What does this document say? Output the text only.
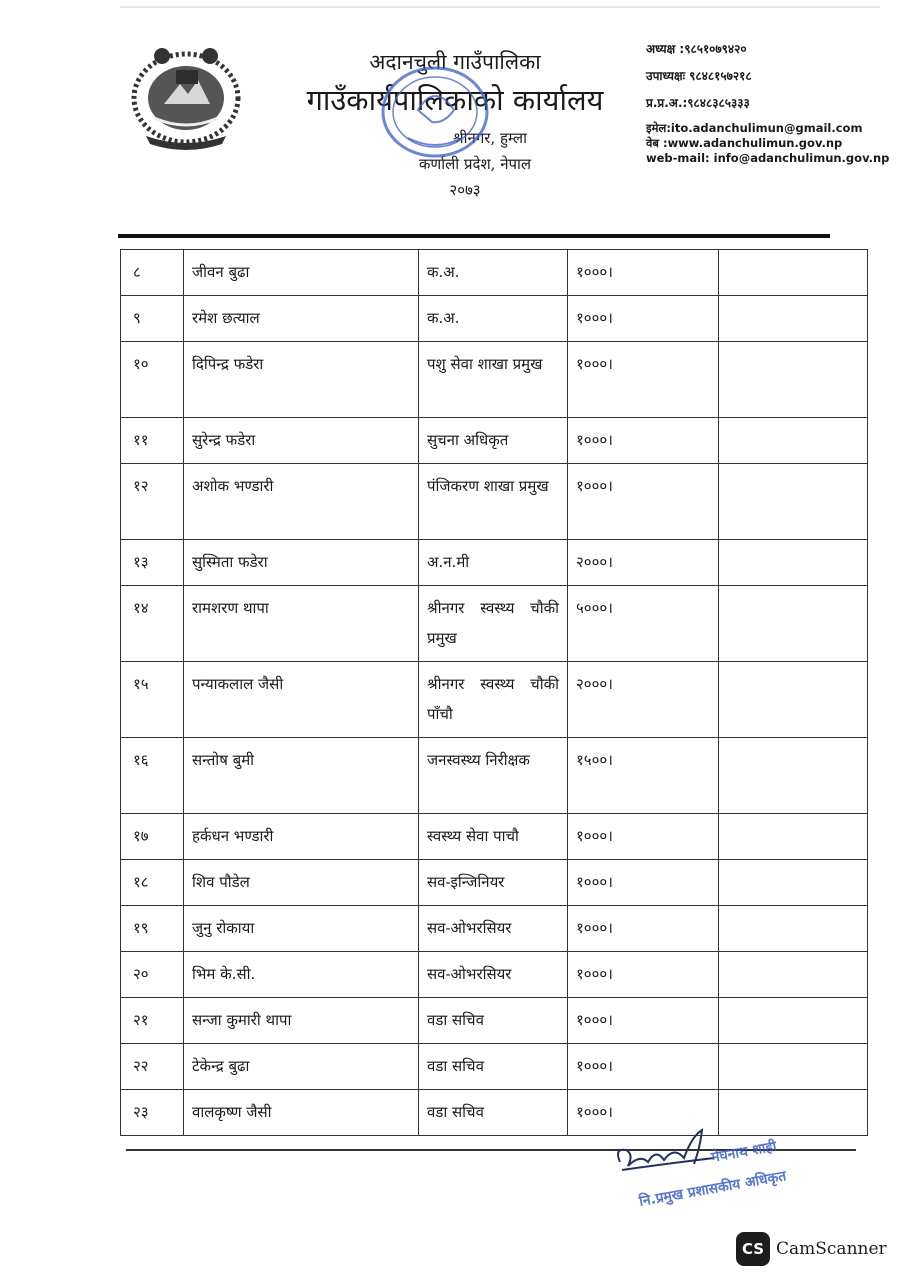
अदानचुली गाउँपालिका
गाउँकार्यपालिकाको कार्यालय
श्रीनगर, हुम्ला
कर्णाली प्रदेश, नेपाल
२०७३
अध्यक्ष :९८५१०७९४२०
उपाध्यक्षः ९८४८१५७२१८
प्र.प्र.अ.:९८४८३८५३३३
इमेल:ito.adanchulimun@gmail.com
वेब :www.adanchulimun.gov.np
web-mail: info@adanchulimun.gov.np
८	जीवन बुढा	क.अ.	१०००।	
९	रमेश छत्याल	क.अ.	१०००।	
१०	दिपिन्द्र फडेरा	पशु सेवा शाखा प्रमुख	१०००।	
११	सुरेन्द्र फडेरा	सुचना अधिकृत	१०००।	
१२	अशोक भण्डारी	पंजिकरण शाखा प्रमुख	१०००।	
१३	सुस्मिता फडेरा	अ.न.मी	२०००।	
१४	रामशरण थापा	श्रीनगर स्वस्थ्य चौकी प्रमुख	५०००।	
१५	पन्याकलाल जैसी	श्रीनगर स्वस्थ्य चौकी पाँचौ	२०००।	
१६	सन्तोष बुमी	जनस्वस्थ्य निरीक्षक	१५००।	
१७	हर्कधन भण्डारी	स्वस्थ्य सेवा पाचौ	१०००।	
१८	शिव पौडेल	सव-इन्जिनियर	१०००।	
१९	जुनु रोकाया	सव-ओभरसियर	१०००।	
२०	भिम के.सी.	सव-ओभरसियर	१०००।	
२१	सन्जा कुमारी थापा	वडा सचिव	१०००।	
२२	टेकेन्द्र बुढा	वडा सचिव	१०००।	
२३	वालकृष्ण जैसी	वडा सचिव	१०००।	
मेघनाथ शाही
नि.प्रमुख प्रशासकीय अधिकृत
CS CamScanner
